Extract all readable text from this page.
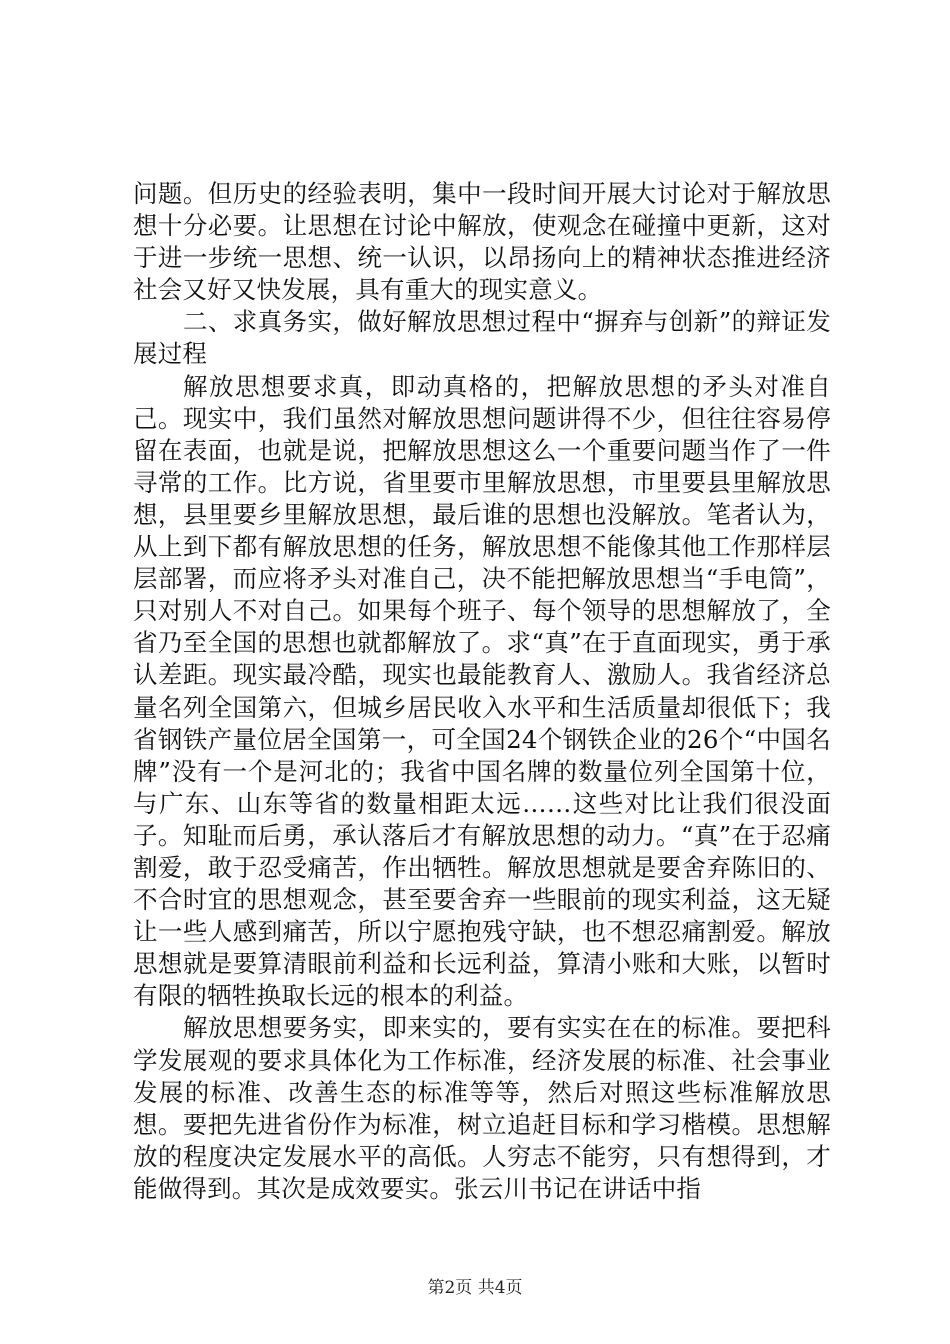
问题。但历史的经验表明，集中一段时间开展大讨论对于解放思想十分必要。让思想在讨论中解放，使观念在碰撞中更新，这对于进一步统一思想、统一认识，以昂扬向上的精神状态推进经济社会又好又快发展，具有重大的现实意义。

二、求真务实，做好解放思想过程中“摒弃与创新”的辩证发展过程

解放思想要求真，即动真格的，把解放思想的矛头对准自己。现实中，我们虽然对解放思想问题讲得不少，但往往容易停留在表面，也就是说，把解放思想这么一个重要问题当作了一件寻常的工作。比方说，省里要市里解放思想，市里要县里解放思想，县里要乡里解放思想，最后谁的思想也没解放。笔者认为，从上到下都有解放思想的任务，解放思想不能像其他工作那样层层部署，而应将矛头对准自己，决不能把解放思想当“手电筒”，只对别人不对自己。如果每个班子、每个领导的思想解放了，全省乃至全国的思想也就都解放了。求“真”在于直面现实，勇于承认差距。现实最冷酷，现实也最能教育人、激励人。我省经济总量名列全国第六，但城乡居民收入水平和生活质量却很低下；我省钢铁产量位居全国第一，可全国24个钢铁企业的26个“中国名牌”没有一个是河北的；我省中国名牌的数量位列全国第十位，与广东、山东等省的数量相距太远……这些对比让我们很没面子。知耻而后勇，承认落后才有解放思想的动力。“真”在于忍痛割爱，敢于忍受痛苦，作出牺牲。解放思想就是要舍弃陈旧的、不合时宜的思想观念，甚至要舍弃一些眼前的现实利益，这无疑让一些人感到痛苦，所以宁愿抱残守缺，也不想忍痛割爱。解放思想就是要算清眼前利益和长远利益，算清小账和大账，以暂时有限的牺牲换取长远的根本的利益。

解放思想要务实，即来实的，要有实实在在的标准。要把科学发展观的要求具体化为工作标准，经济发展的标准、社会事业发展的标准、改善生态的标准等等，然后对照这些标准解放思想。要把先进省份作为标准，树立追赶目标和学习楷模。思想解放的程度决定发展水平的高低。人穷志不能穷，只有想得到，才能做得到。其次是成效要实。张云川书记在讲话中指

第2页 共4页
